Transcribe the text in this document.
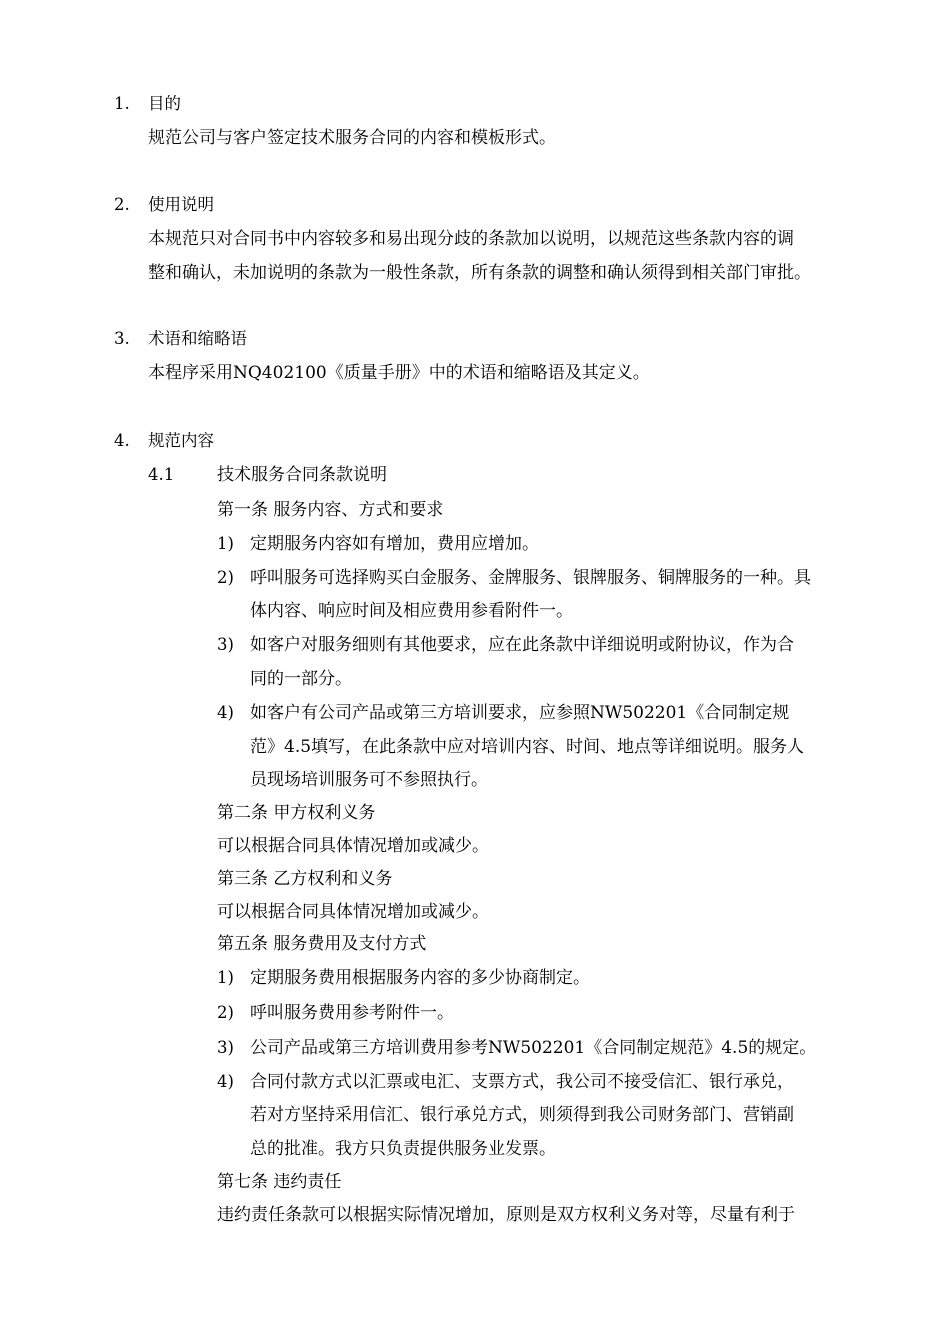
1. 目的
规范公司与客户签定技术服务合同的内容和模板形式。
2. 使用说明
本规范只对合同书中内容较多和易出现分歧的条款加以说明，以规范这些条款内容的调
整和确认，未加说明的条款为一般性条款，所有条款的调整和确认须得到相关部门审批。
3. 术语和缩略语
本程序采用NQ402100《质量手册》中的术语和缩略语及其定义。
4. 规范内容
4.1	技术服务合同条款说明
第一条 服务内容、方式和要求
1) 定期服务内容如有增加，费用应增加。
2) 呼叫服务可选择购买白金服务、金牌服务、银牌服务、铜牌服务的一种。具
体内容、响应时间及相应费用参看附件一。
3) 如客户对服务细则有其他要求，应在此条款中详细说明或附协议，作为合
同的一部分。
4) 如客户有公司产品或第三方培训要求，应参照NW502201《合同制定规
范》4.5填写，在此条款中应对培训内容、时间、地点等详细说明。服务人
员现场培训服务可不参照执行。
第二条 甲方权利义务
可以根据合同具体情况增加或减少。
第三条 乙方权利和义务
可以根据合同具体情况增加或减少。
第五条 服务费用及支付方式
1) 定期服务费用根据服务内容的多少协商制定。
2) 呼叫服务费用参考附件一。
3) 公司产品或第三方培训费用参考NW502201《合同制定规范》4.5的规定。
4) 合同付款方式以汇票或电汇、支票方式，我公司不接受信汇、银行承兑，
若对方坚持采用信汇、银行承兑方式，则须得到我公司财务部门、营销副
总的批准。我方只负责提供服务业发票。
第七条 违约责任
违约责任条款可以根据实际情况增加，原则是双方权利义务对等，尽量有利于
